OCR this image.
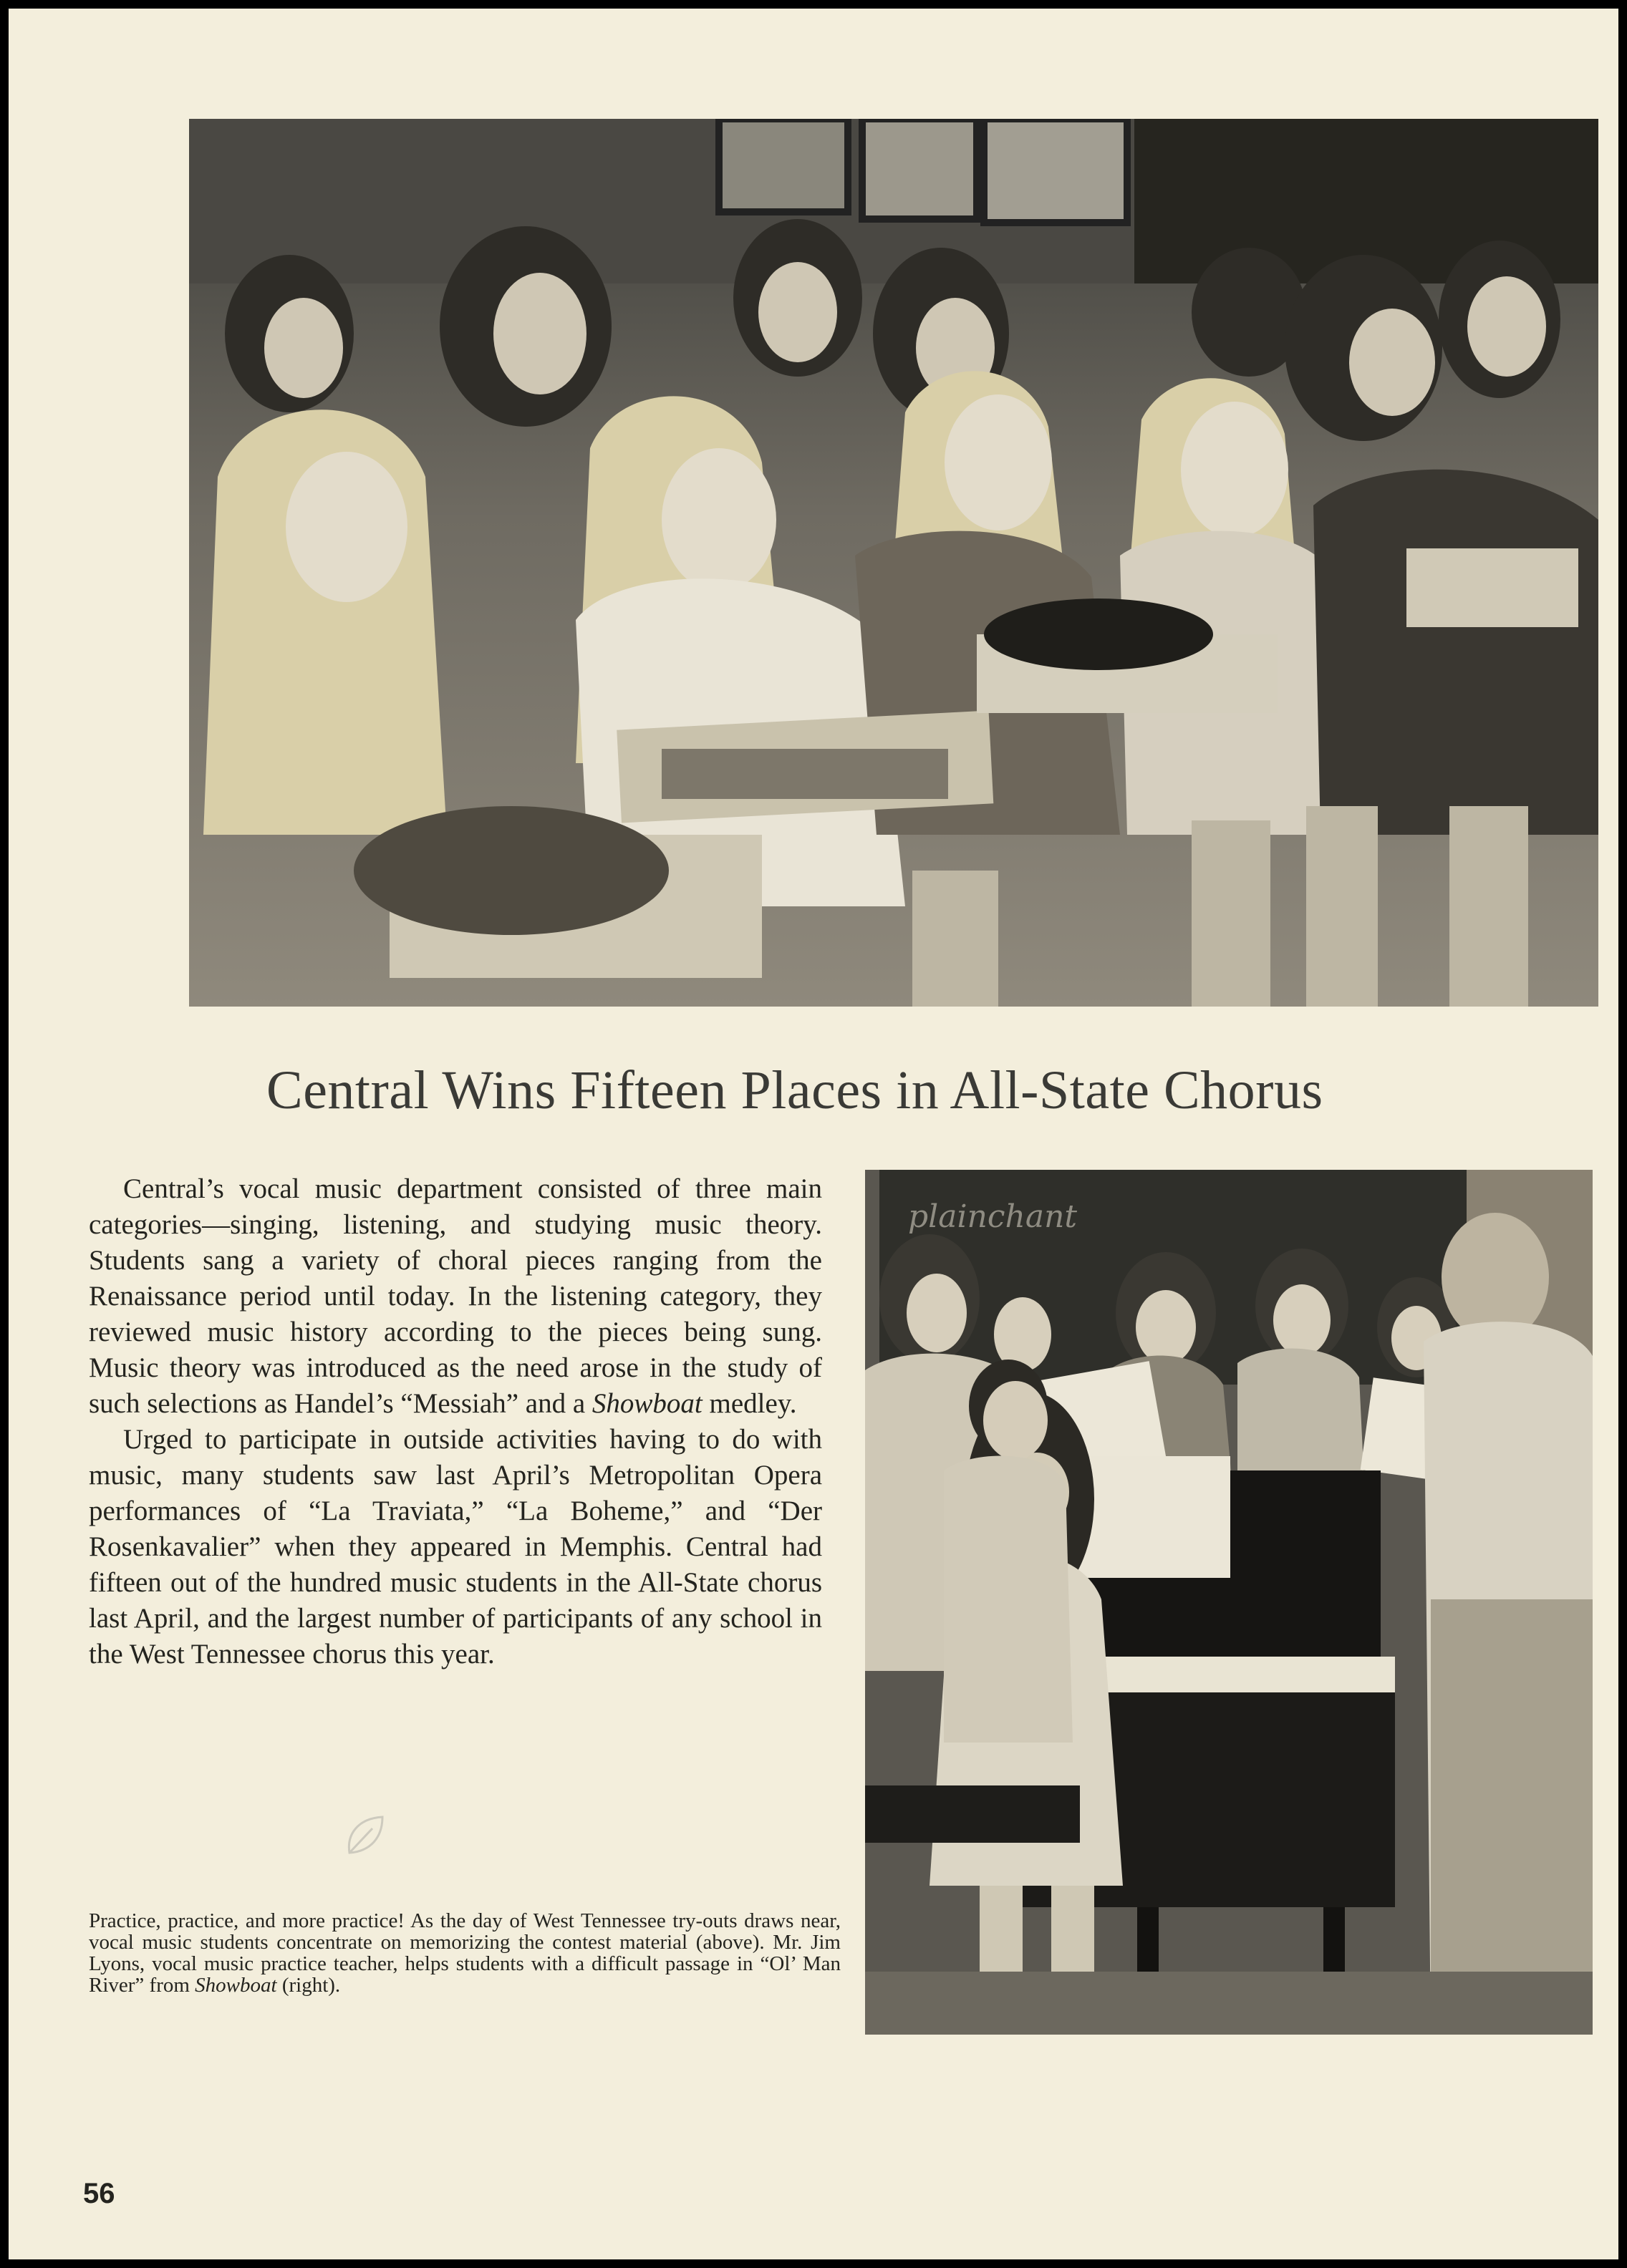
Central Wins Fifteen Places in All-State Chorus

Central’s vocal music department consisted of three main categories—singing, listening, and studying music theory. Students sang a variety of choral pieces ranging from the Renaissance period until today. In the listening category, they reviewed music history according to the pieces being sung. Music theory was introduced as the need arose in the study of such selections as Handel’s “Messiah” and a Showboat medley.

Urged to participate in outside activities having to do with music, many students saw last April’s Metropolitan Opera performances of “La Traviata,” “La Boheme,” and “Der Rosenkavalier” when they appeared in Memphis. Central had fifteen out of the hundred music students in the All-State chorus last April, and the largest number of participants of any school in the West Tennessee chorus this year.

plainchant
Practice, practice, and more practice! As the day of West Tennessee try-outs draws near, vocal music students concentrate on memorizing the contest material (above). Mr. Jim Lyons, vocal music practice teacher, helps students with a difficult passage in “Ol’ Man River” from Showboat (right).
56
